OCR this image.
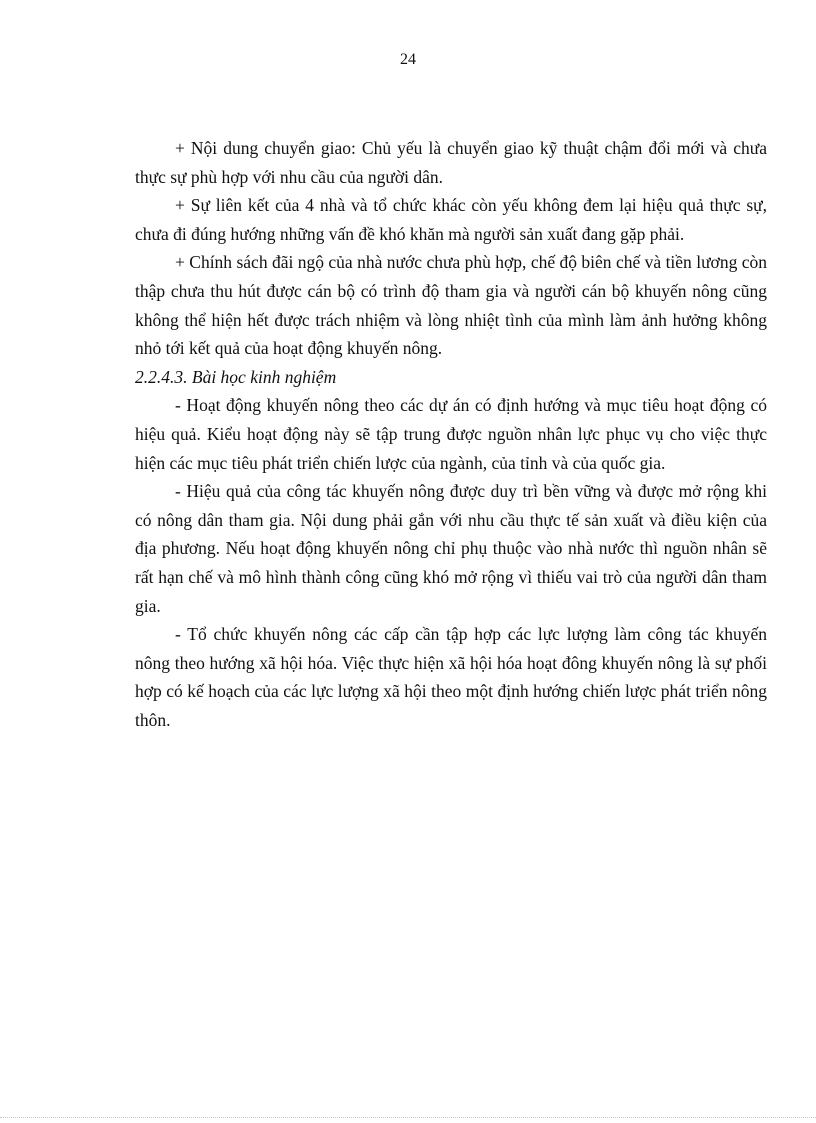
24

+ Nội dung chuyển giao: Chủ yếu là chuyển giao kỹ thuật chậm đổi mới và chưa thực sự phù hợp với nhu cầu của người dân.

+ Sự liên kết của 4 nhà và tổ chức khác còn yếu không đem lại hiệu quả thực sự, chưa đi đúng hướng những vấn đề khó khăn mà người sản xuất đang gặp phải.

+ Chính sách đãi ngộ của nhà nước chưa phù hợp, chế độ biên chế và tiền lương còn thập chưa thu hút được cán bộ có trình độ tham gia và người cán bộ khuyến nông cũng không thể hiện hết được trách nhiệm và lòng nhiệt tình của mình làm ảnh hưởng không nhỏ tới kết quả của hoạt động khuyến nông.

2.2.4.3. Bài học kinh nghiệm

- Hoạt động khuyến nông theo các dự án có định hướng và mục tiêu hoạt động có hiệu quả. Kiểu hoạt động này sẽ tập trung được nguồn nhân lực phục vụ cho việc thực hiện các mục tiêu phát triển chiến lược của ngành, của tỉnh và của quốc gia.

- Hiệu quả của công tác khuyến nông được duy trì bền vững và được mở rộng khi có nông dân tham gia. Nội dung phải gắn với nhu cầu thực tế sản xuất và điều kiện của địa phương. Nếu hoạt động khuyến nông chỉ phụ thuộc vào nhà nước thì nguồn nhân sẽ rất hạn chế và mô hình thành công cũng khó mở rộng vì thiếu vai trò của người dân tham gia.

- Tổ chức khuyến nông các cấp cần tập hợp các lực lượng làm công tác khuyến nông theo hướng xã hội hóa. Việc thực hiện xã hội hóa hoạt đông khuyến nông là sự phối hợp có kế hoạch của các lực lượng xã hội theo một định hướng chiến lược phát triển nông thôn.
